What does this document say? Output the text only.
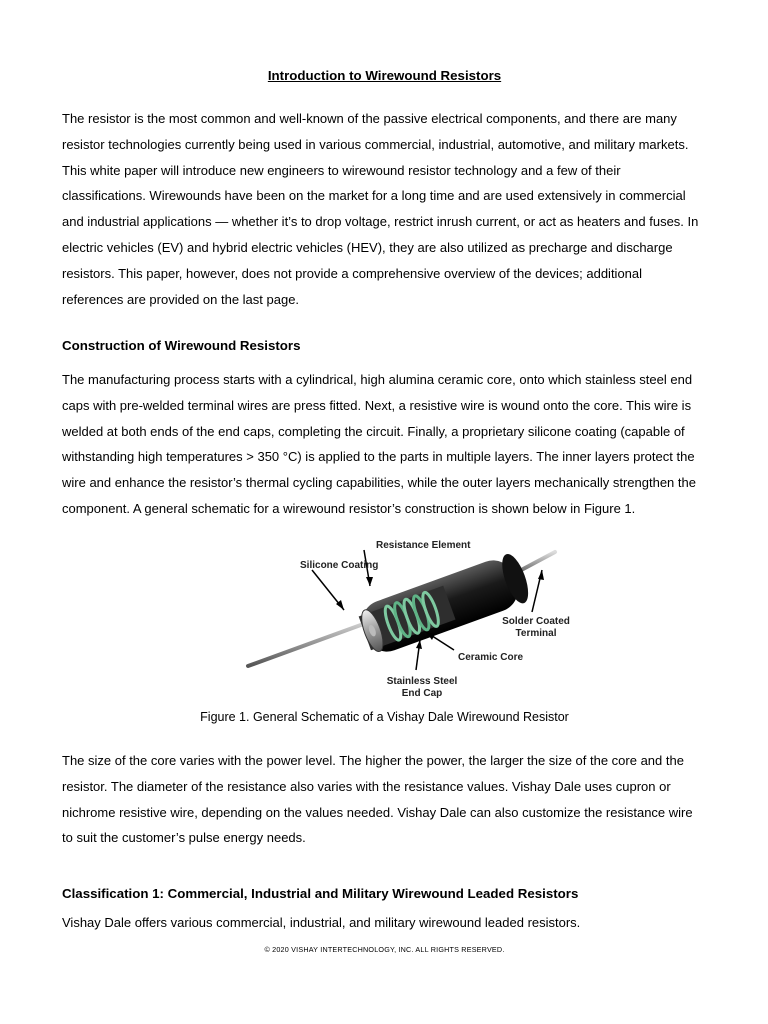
Introduction to Wirewound Resistors

The resistor is the most common and well-known of the passive electrical components, and there are many resistor technologies currently being used in various commercial, industrial, automotive, and military markets. This white paper will introduce new engineers to wirewound resistor technology and a few of their classifications. Wirewounds have been on the market for a long time and are used extensively in commercial and industrial applications — whether it’s to drop voltage, restrict inrush current, or act as heaters and fuses. In electric vehicles (EV) and hybrid electric vehicles (HEV), they are also utilized as precharge and discharge resistors. This paper, however, does not provide a comprehensive overview of the devices; additional references are provided on the last page.

Construction of Wirewound Resistors

The manufacturing process starts with a cylindrical, high alumina ceramic core, onto which stainless steel end caps with pre-welded terminal wires are press fitted. Next, a resistive wire is wound onto the core. This wire is welded at both ends of the end caps, completing the circuit. Finally, a proprietary silicone coating (capable of withstanding high temperatures > 350 °C) is applied to the parts in multiple layers. The inner layers protect the wire and enhance the resistor’s thermal cycling capabilities, while the outer layers mechanically strengthen the component. A general schematic for a wirewound resistor’s construction is shown below in Figure 1.

Resistance Element
Silicone Coating
Solder Coated
Terminal
Ceramic Core
Stainless Steel
End Cap

Figure 1. General Schematic of a Vishay Dale Wirewound Resistor

The size of the core varies with the power level. The higher the power, the larger the size of the core and the resistor. The diameter of the resistance also varies with the resistance values. Vishay Dale uses cupron or nichrome resistive wire, depending on the values needed. Vishay Dale can also customize the resistance wire to suit the customer’s pulse energy needs.

Classification 1: Commercial, Industrial and Military Wirewound Leaded Resistors

Vishay Dale offers various commercial, industrial, and military wirewound leaded resistors.

© 2020 VISHAY INTERTECHNOLOGY, INC. ALL RIGHTS RESERVED.
